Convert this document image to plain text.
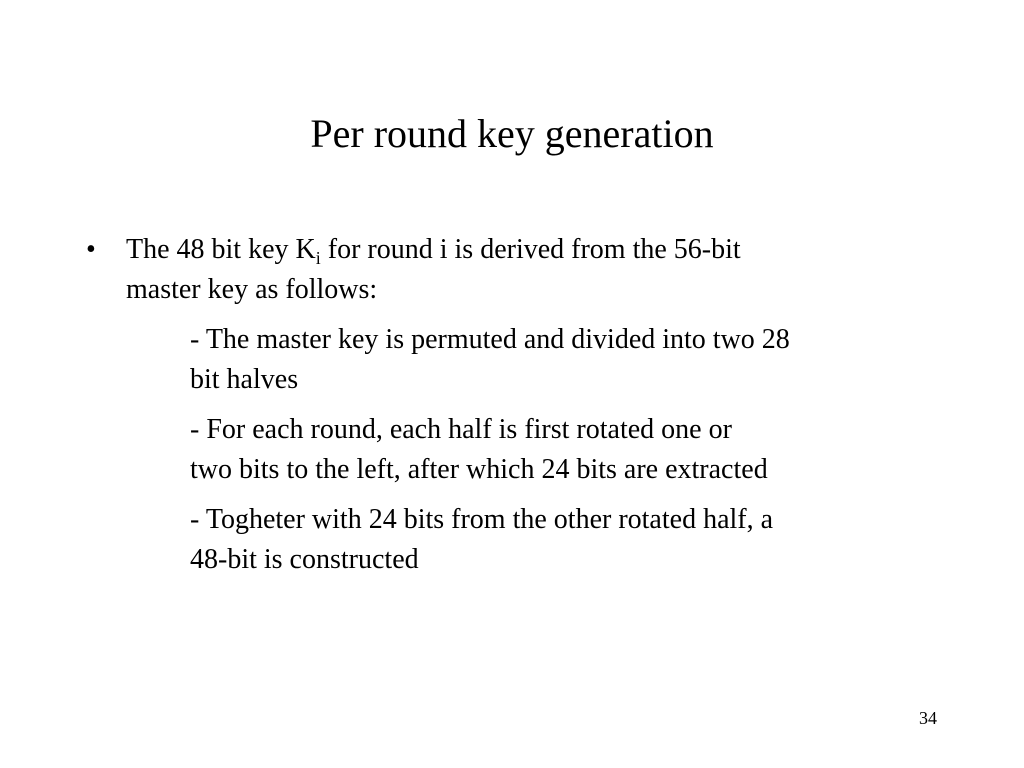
Per round key generation
•	The 48 bit key $K_i$ for round i is derived from the 56-bit
master key as follows:
- The master key is permuted and divided into two 28
bit halves
- For each round, each half is first rotated one or
two bits to the left, after which 24 bits are extracted
- Togheter with 24 bits from the other rotated half, a
48-bit is constructed
34
